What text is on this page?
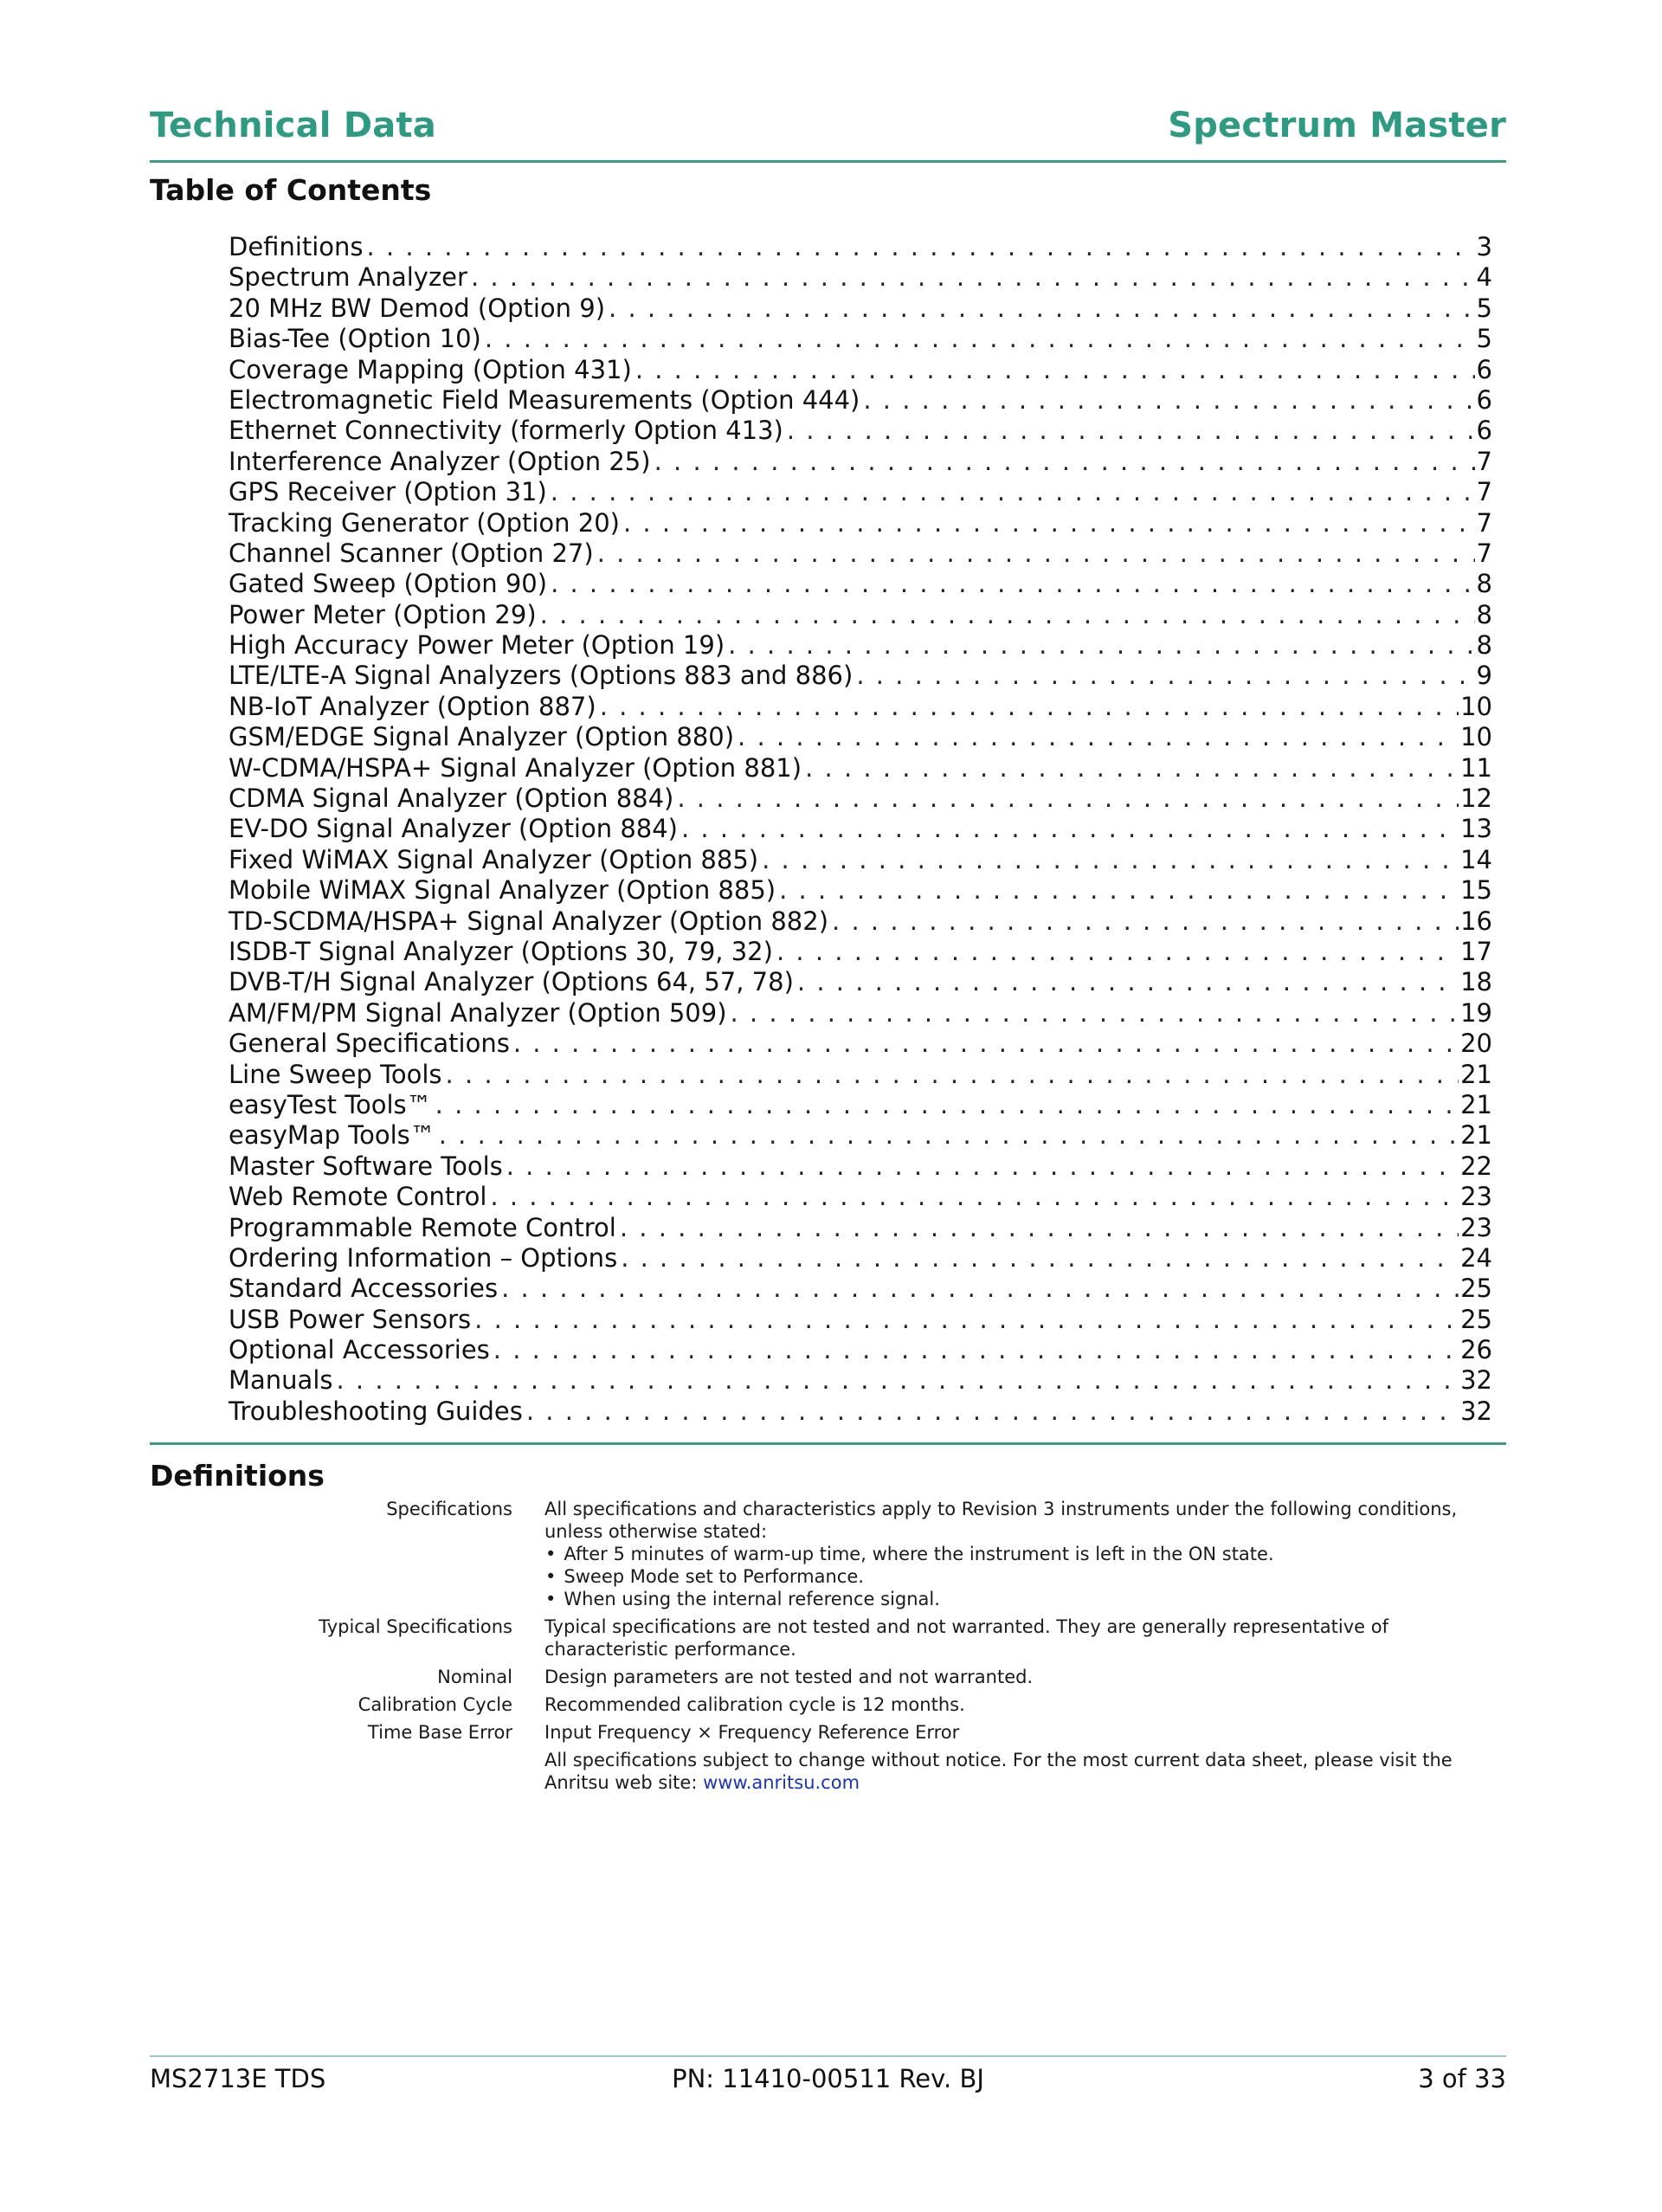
Technical Data	Spectrum Master
Table of Contents
Definitions . . .	3
Spectrum Analyzer . . .	4
20 MHz BW Demod (Option 9) . . .	5
Bias-Tee (Option 10) . . .	5
Coverage Mapping (Option 431) . . .	6
Electromagnetic Field Measurements (Option 444) . . .	6
Ethernet Connectivity (formerly Option 413) . . .	6
Interference Analyzer (Option 25) . . .	7
GPS Receiver (Option 31) . . .	7
Tracking Generator (Option 20) . . .	7
Channel Scanner (Option 27) . . .	7
Gated Sweep (Option 90) . . .	8
Power Meter (Option 29) . . .	8
High Accuracy Power Meter (Option 19) . . .	8
LTE/LTE-A Signal Analyzers (Options 883 and 886) . . .	9
NB-IoT Analyzer (Option 887) . . .	10
GSM/EDGE Signal Analyzer (Option 880) . . .	10
W-CDMA/HSPA+ Signal Analyzer (Option 881) . . .	11
CDMA Signal Analyzer (Option 884) . . .	12
EV-DO Signal Analyzer (Option 884) . . .	13
Fixed WiMAX Signal Analyzer (Option 885) . . .	14
Mobile WiMAX Signal Analyzer (Option 885) . . .	15
TD-SCDMA/HSPA+ Signal Analyzer (Option 882) . . .	16
ISDB-T Signal Analyzer (Options 30, 79, 32) . . .	17
DVB-T/H Signal Analyzer (Options 64, 57, 78) . . .	18
AM/FM/PM Signal Analyzer (Option 509) . . .	19
General Specifications . . .	20
Line Sweep Tools . . .	21
easyTest Tools™ . . .	21
easyMap Tools™ . . .	21
Master Software Tools . . .	22
Web Remote Control . . .	23
Programmable Remote Control . . .	23
Ordering Information – Options . . .	24
Standard Accessories . . .	25
USB Power Sensors . . .	25
Optional Accessories . . .	26
Manuals . . .	32
Troubleshooting Guides . . .	32
Definitions
Specifications	All specifications and characteristics apply to Revision 3 instruments under the following conditions, unless otherwise stated:
• After 5 minutes of warm-up time, where the instrument is left in the ON state.
• Sweep Mode set to Performance.
• When using the internal reference signal.
Typical Specifications	Typical specifications are not tested and not warranted. They are generally representative of characteristic performance.
Nominal	Design parameters are not tested and not warranted.
Calibration Cycle	Recommended calibration cycle is 12 months.
Time Base Error	Input Frequency × Frequency Reference Error
All specifications subject to change without notice. For the most current data sheet, please visit the Anritsu web site: www.anritsu.com
MS2713E TDS	PN: 11410-00511 Rev. BJ	3 of 33
